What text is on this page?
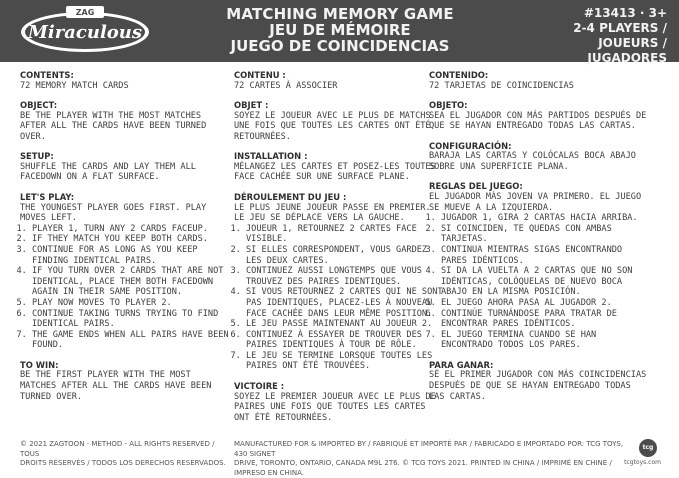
ZAG
Miraculous
MATCHING MEMORY GAME
JEU DE MÉMOIRE
JUEGO DE COINCIDENCIAS
#13413 · 3+
2-4 PLAYERS /
JOUEURS / JUGADORES

CONTENTS:

72 MEMORY MATCH CARDS

OBJECT:

BE THE PLAYER WITH THE MOST MATCHES AFTER ALL THE CARDS HAVE BEEN TURNED OVER.

SETUP:

SHUFFLE THE CARDS AND LAY THEM ALL FACEDOWN ON A FLAT SURFACE.

LET'S PLAY:

THE YOUNGEST PLAYER GOES FIRST. PLAY MOVES LEFT.

1. PLAYER 1, TURN ANY 2 CARDS FACEUP.
2. IF THEY MATCH YOU KEEP BOTH CARDS.
3. CONTINUE FOR AS LONG AS YOU KEEP FINDING IDENTICAL PAIRS.
4. IF YOU TURN OVER 2 CARDS THAT ARE NOT IDENTICAL, PLACE THEM BOTH FACEDOWN AGAIN IN THEIR SAME POSITION.
5. PLAY NOW MOVES TO PLAYER 2.
6. CONTINUE TAKING TURNS TRYING TO FIND IDENTICAL PAIRS.
7. THE GAME ENDS WHEN ALL PAIRS HAVE BEEN FOUND.

TO WIN:

BE THE FIRST PLAYER WITH THE MOST MATCHES AFTER ALL THE CARDS HAVE BEEN TURNED OVER.

CONTENU :

72 CARTES À ASSOCIER

OBJET :

SOYEZ LE JOUEUR AVEC LE PLUS DE MATCHS UNE FOIS QUE TOUTES LES CARTES ONT ÉTÉ RETOURNÉES.

INSTALLATION :

MÉLANGEZ LES CARTES ET POSEZ-LES TOUTES FACE CACHÉE SUR UNE SURFACE PLANE.

DÉROULEMENT DU JEU :

LE PLUS JEUNE JOUEUR PASSE EN PREMIER. LE JEU SE DÉPLACE VERS LA GAUCHE.

1. JOUEUR 1, RETOURNEZ 2 CARTES FACE VISIBLE.
2. SI ELLES CORRESPONDENT, VOUS GARDEZ LES DEUX CARTES.
3. CONTINUEZ AUSSI LONGTEMPS QUE VOUS TROUVEZ DES PAIRES IDENTIQUES.
4. SI VOUS RETOURNEZ 2 CARTES QUI NE SONT PAS IDENTIQUES, PLACEZ-LES À NOUVEAU FACE CACHÉE DANS LEUR MÊME POSITION.
5. LE JEU PASSE MAINTENANT AU JOUEUR 2.
6. CONTINUEZ À ESSAYER DE TROUVER DES PAIRES IDENTIQUES À TOUR DE RÔLE.
7. LE JEU SE TERMINE LORSQUE TOUTES LES PAIRES ONT ÉTÉ TROUVÉES.

VICTOIRE :

SOYEZ LE PREMIER JOUEUR AVEC LE PLUS DE PAIRES UNE FOIS QUE TOUTES LES CARTES ONT ÉTÉ RETOURNÉES.

CONTENIDO:

72 TARJETAS DE COINCIDENCIAS

OBJETO:

SEA EL JUGADOR CON MÁS PARTIDOS DESPUÉS DE QUE SE HAYAN ENTREGADO TODAS LAS CARTAS.

CONFIGURACIÓN:

BARAJA LAS CARTAS Y COLÓCALAS BOCA ABAJO SOBRE UNA SUPERFICIE PLANA.

REGLAS DEL JUEGO:

EL JUGADOR MÁS JOVEN VA PRIMERO. EL JUEGO SE MUEVE A LA IZQUIERDA.

1. JUGADOR 1, GIRA 2 CARTAS HACIA ARRIBA.
2. SI COINCIDEN, TE QUEDAS CON AMBAS TARJETAS.
3. CONTINUA MIENTRAS SIGAS ENCONTRANDO PARES IDÉNTICOS.
4. SI DA LA VUELTA A 2 CARTAS QUE NO SON IDÉNTICAS, COLÓQUELAS DE NUEVO BOCA ABAJO EN LA MISMA POSICIÓN.
5. EL JUEGO AHORA PASA AL JUGADOR 2.
6. CONTINÚE TURNÁNDOSE PARA TRATAR DE ENCONTRAR PARES IDÉNTICOS.
7. EL JUEGO TERMINA CUANDO SE HAN ENCONTRADO TODOS LOS PARES.

PARA GANAR:

SÉ EL PRIMER JUGADOR CON MÁS COINCIDENCIAS DESPUÉS DE QUE SE HAYAN ENTREGADO TODAS LAS CARTAS.

© 2021 ZAGTOON - METHOD - ALL RIGHTS RESERVED / TOUS
DROITS RÉSERVÉS / TODOS LOS DERECHOS RESERVADOS.
MANUFACTURED FOR & IMPORTED BY / FABRIQUÉ ET IMPORTÉ PAR / FABRICADO E IMPORTADO POR: TCG TOYS, 430 SIGNET
DRIVE, TORONTO, ONTARIO, CANADA M9L 2T6. © TCG TOYS 2021. PRINTED IN CHINA / IMPRIMÉ EN CHINE / IMPRESO EN CHINA.
tcg
tcgtoys.com
